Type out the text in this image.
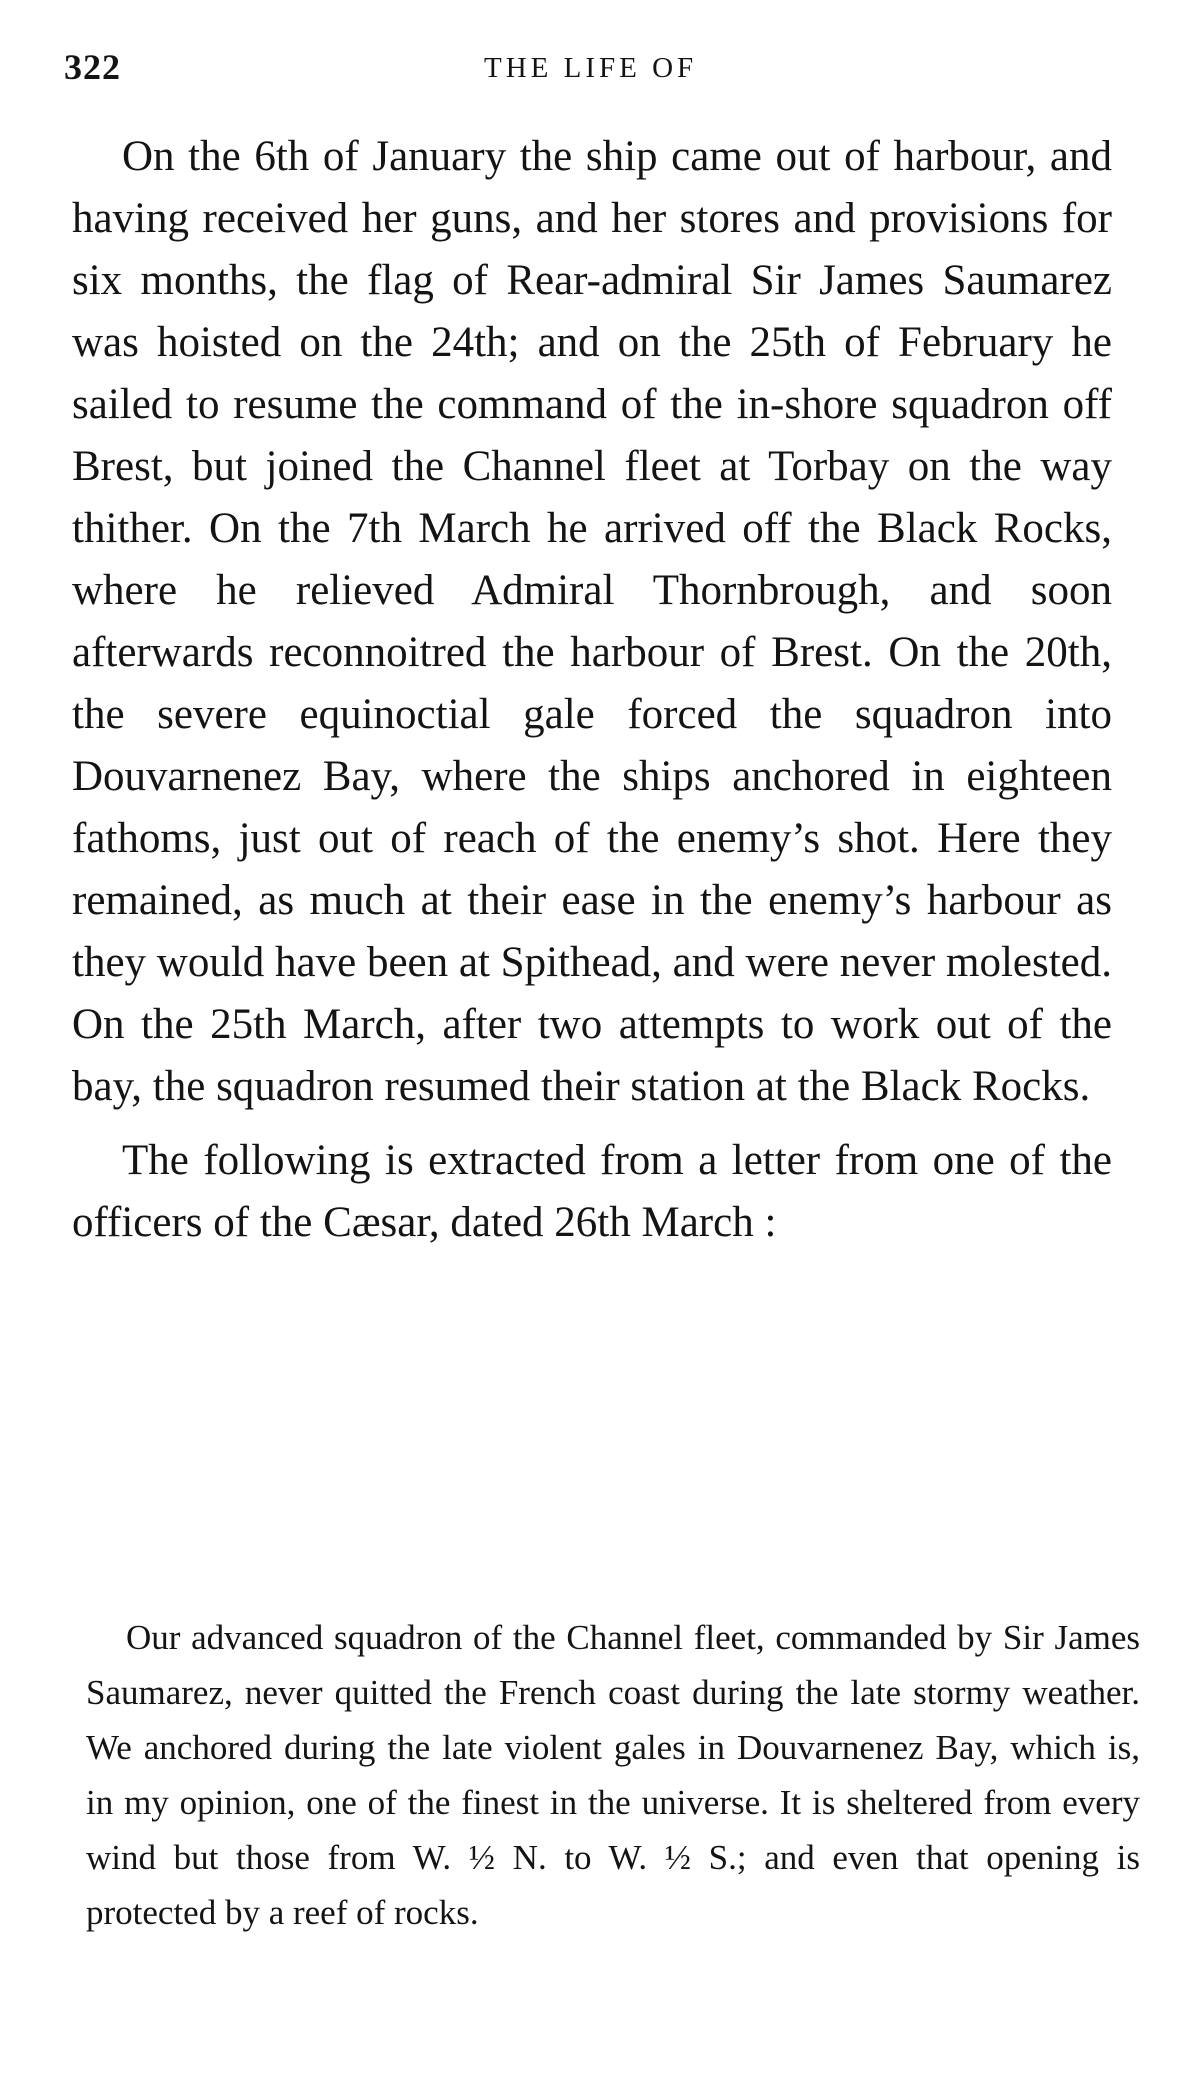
322	THE LIFE OF

On the 6th of January the ship came out of harbour, and having received her guns, and her stores and provisions for six months, the flag of Rear-admiral Sir James Saumarez was hoisted on the 24th; and on the 25th of February he sailed to resume the command of the in-shore squadron off Brest, but joined the Channel fleet at Torbay on the way thither. On the 7th March he arrived off the Black Rocks, where he relieved Admiral Thornbrough, and soon afterwards reconnoitred the harbour of Brest. On the 20th, the severe equinoctial gale forced the squadron into Douvarnenez Bay, where the ships anchored in eighteen fathoms, just out of reach of the enemy’s shot. Here they remained, as much at their ease in the enemy’s harbour as they would have been at Spithead, and were never molested. On the 25th March, after two attempts to work out of the bay, the squadron resumed their station at the Black Rocks.

The following is extracted from a letter from one of the officers of the Cæsar, dated 26th March :

Our advanced squadron of the Channel fleet, commanded by Sir James Saumarez, never quitted the French coast during the late stormy weather. We anchored during the late violent gales in Douvarnenez Bay, which is, in my opinion, one of the finest in the universe. It is sheltered from every wind but those from W. ½ N. to W. ½ S.; and even that opening is protected by a reef of rocks.
